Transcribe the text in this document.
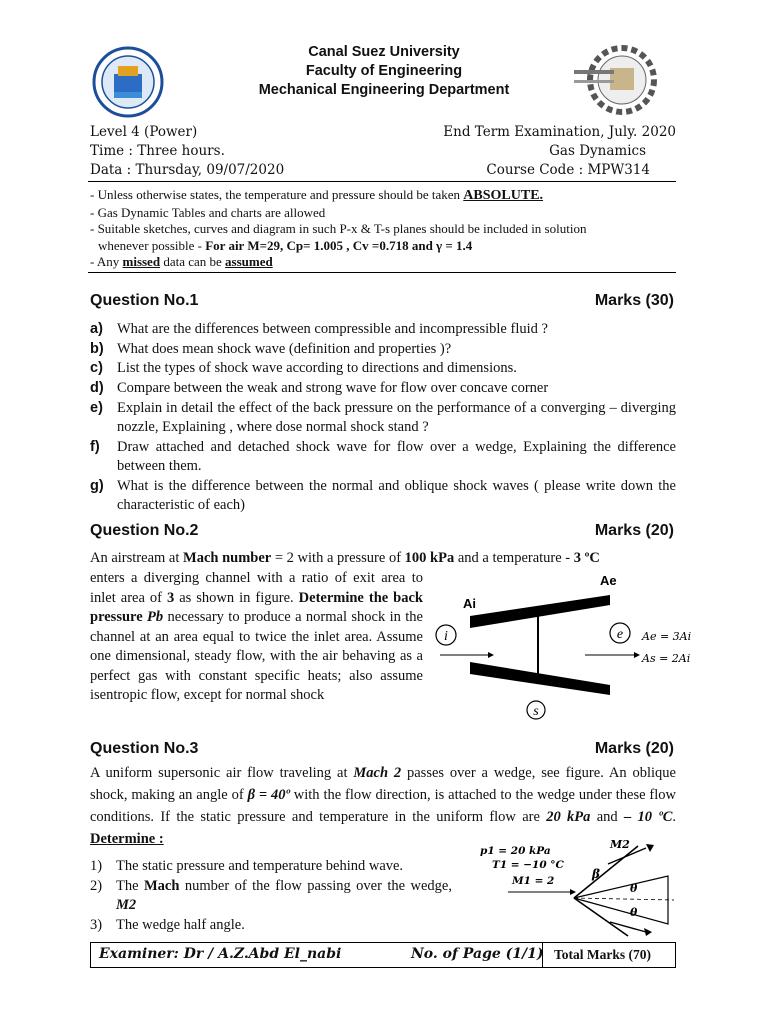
Canal Suez University
Faculty of Engineering
Mechanical Engineering Department
Level 4 (Power)
Time : Three hours.
Data : Thursday, 09/07/2020
End Term Examination, July. 2020
Gas Dynamics
Course Code : MPW314
- Unless otherwise states, the temperature and pressure should be taken ABSOLUTE.
- Gas Dynamic Tables and charts are allowed
- Suitable sketches, curves and diagram in such P-x & T-s planes should be included in solution
whenever possible - For air M=29, Cp= 1.005 , Cv =0.718 and γ = 1.4
- Any missed data can be assumed
Question No.1	Marks (30)
a) What are the differences between compressible and incompressible fluid ?
b) What does mean shock wave (definition and properties )?
c) List the types of shock wave according to directions and dimensions.
d) Compare between the weak and strong wave for flow over concave corner
e) Explain in detail the effect of the back pressure on the performance of a converging – diverging nozzle, Explaining , where dose normal shock stand ?
f) Draw attached and detached shock wave for flow over a wedge, Explaining the difference between them.
g) What is the difference between the normal and oblique shock waves ( please write down the characteristic of each)
Question No.2	Marks (20)
An airstream at Mach number = 2 with a pressure of 100 kPa and a temperature - 3 ºC
enters a diverging channel with a ratio of exit area to inlet area of 3 as shown in figure. Determine the back pressure Pb necessary to produce a normal shock in the channel at an area equal to twice the inlet area. Assume one dimensional, steady flow, with the air behaving as a perfect gas with constant specific heats; also assume isentropic flow, except for normal shock
i	e
s
Ai
Ae
Ae = 3Ai
As = 2Ai
Question No.3	Marks (20)
A uniform supersonic air flow traveling at Mach 2 passes over a wedge, see figure. An oblique shock, making an angle of β = 40º with the flow direction, is attached to the wedge under these flow conditions. If the static pressure and temperature in the uniform flow are 20 kPa and – 10 ºC. Determine :
1) The static pressure and temperature behind wave.
2) The Mach number of the flow passing over the wedge, M2
3) The wedge half angle.
p1 = 20 kPa
T1 = −10 °C
M1 = 2
M2
β
θ
θ
Examiner: Dr / A.Z.Abd El_nabi	No. of Page (1/1) Total Marks (70)
